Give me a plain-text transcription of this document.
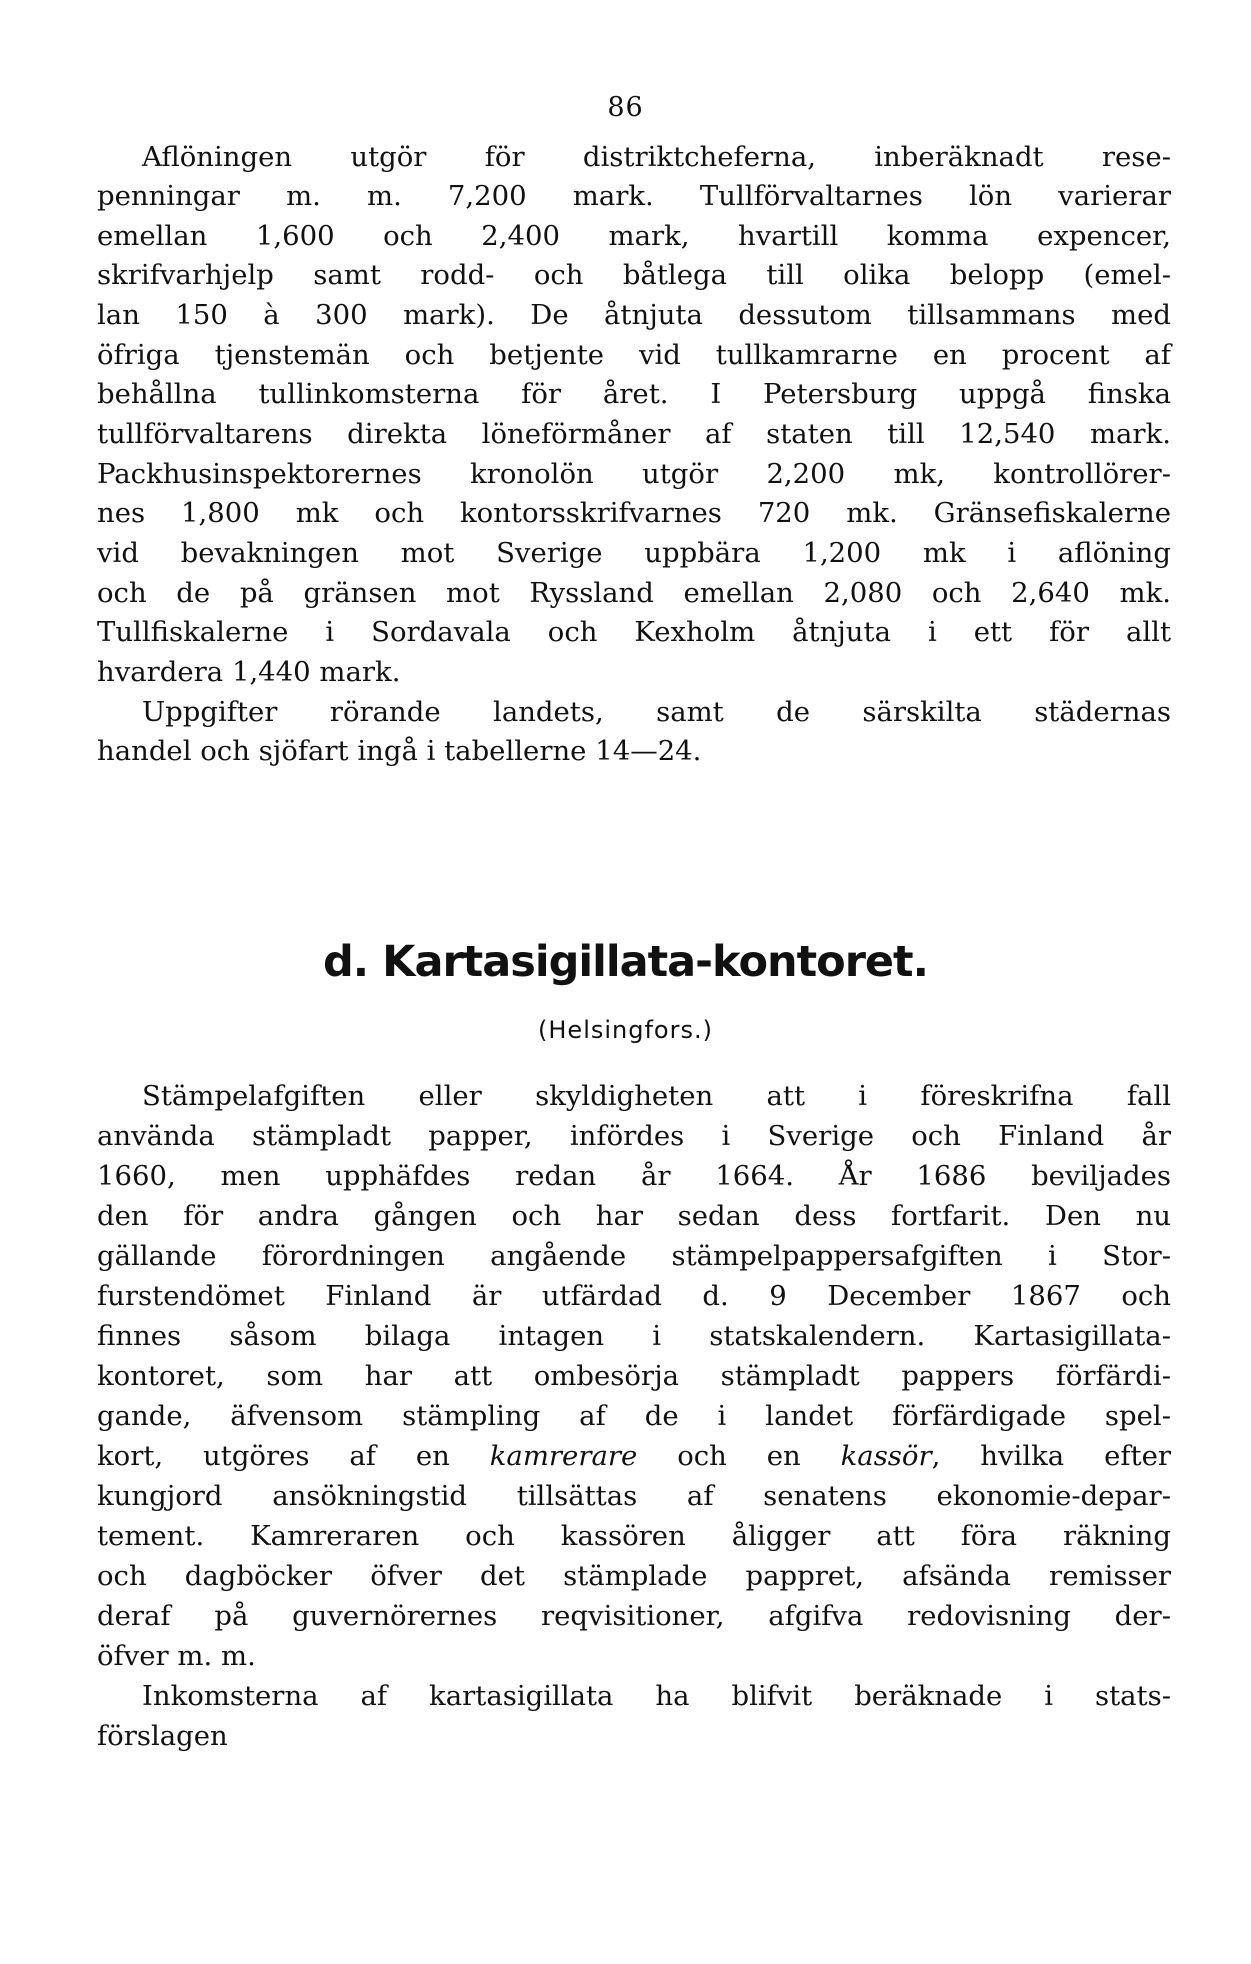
86
Aflöningen utgör för distriktcheferna, inberäknadt rese-
penningar m. m. 7,200 mark. Tullförvaltarnes lön varierar
emellan 1,600 och 2,400 mark, hvartill komma expencer,
skrifvarhjelp samt rodd- och båtlega till olika belopp (emel-
lan 150 à 300 mark). De åtnjuta dessutom tillsammans med
öfriga tjenstemän och betjente vid tullkamrarne en procent af
behållna tullinkomsterna för året. I Petersburg uppgå finska
tullförvaltarens direkta löneförmåner af staten till 12,540 mark.
Packhusinspektorernes kronolön utgör 2,200 mk, kontrollörer-
nes 1,800 mk och kontorsskrifvarnes 720 mk. Gränsefiskalerne
vid bevakningen mot Sverige uppbära 1,200 mk i aflöning
och de på gränsen mot Ryssland emellan 2,080 och 2,640 mk.
Tullfiskalerne i Sordavala och Kexholm åtnjuta i ett för allt
hvardera 1,440 mark.
Uppgifter rörande landets, samt de särskilta städernas
handel och sjöfart ingå i tabellerne 14—24.
d. Kartasigillata-kontoret.
(Helsingfors.)
Stämpelafgiften eller skyldigheten att i föreskrifna fall
använda stämpladt papper, infördes i Sverige och Finland år
1660, men upphäfdes redan år 1664. År 1686 beviljades
den för andra gången och har sedan dess fortfarit. Den nu
gällande förordningen angående stämpelpappersafgiften i Stor-
furstendömet Finland är utfärdad d. 9 December 1867 och
finnes såsom bilaga intagen i statskalendern. Kartasigillata-
kontoret, som har att ombesörja stämpladt pappers förfärdi-
gande, äfvensom stämpling af de i landet förfärdigade spel-
kort, utgöres af en kamrerare och en kassör, hvilka efter
kungjord ansökningstid tillsättas af senatens ekonomie-depar-
tement. Kamreraren och kassören åligger att föra räkning
och dagböcker öfver det stämplade pappret, afsända remisser
deraf på guvernörernes reqvisitioner, afgifva redovisning der-
öfver m. m.
Inkomsterna af kartasigillata ha blifvit beräknade i stats-
förslagen
